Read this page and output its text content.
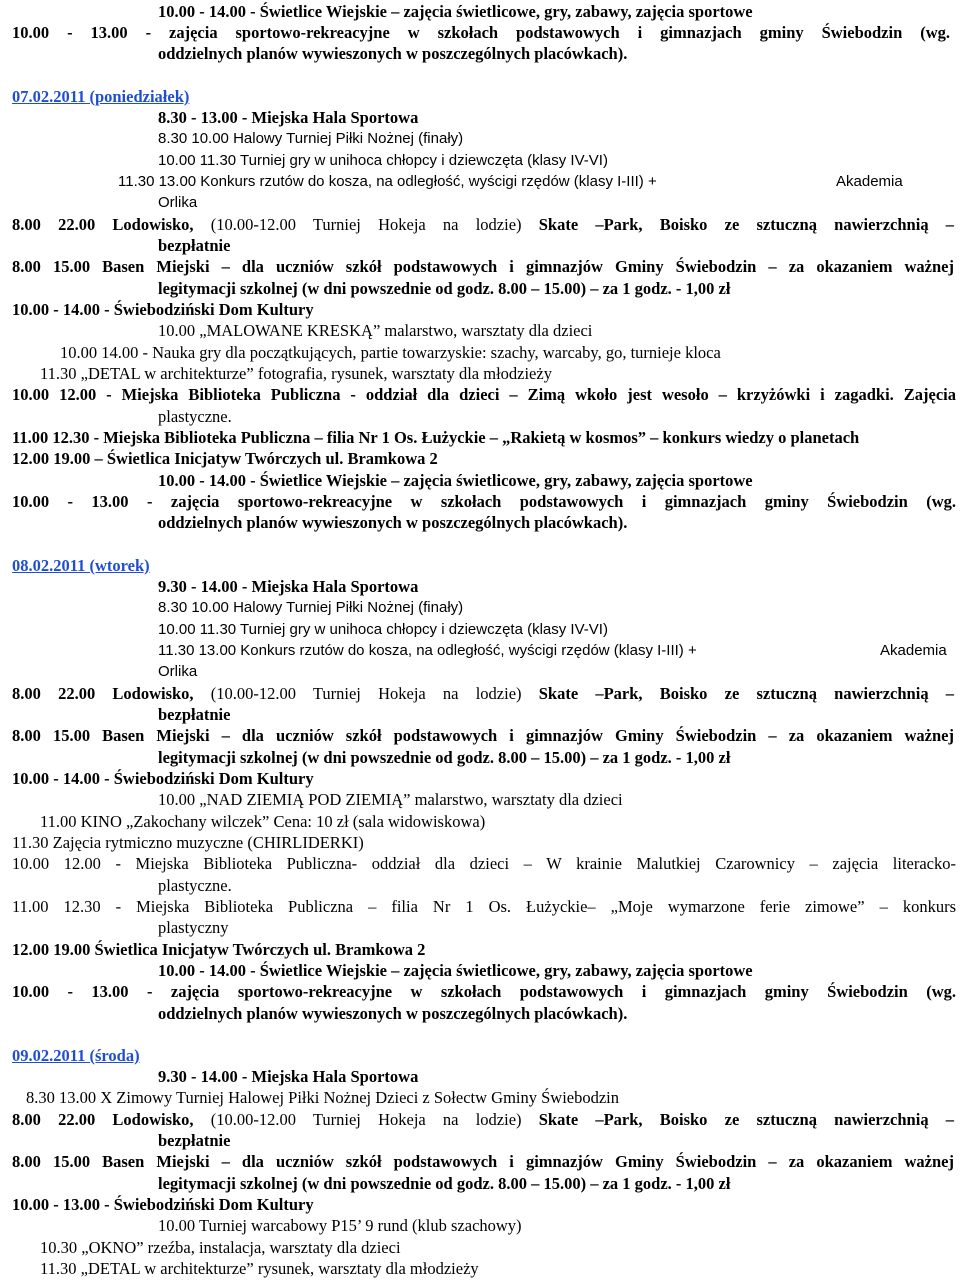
10.00 - 14.00 - Świetlice Wiejskie – zajęcia świetlicowe, gry, zabawy, zajęcia sportowe
10.00 - 13.00 - zajęcia sportowo-rekreacyjne w szkołach podstawowych i gimnazjach gminy Świebodzin (wg.
oddzielnych planów wywieszonych w poszczególnych placówkach).
07.02.2011 (poniedziałek)
8.30 - 13.00 - Miejska Hala Sportowa
8.30 10.00 Halowy Turniej Piłki Nożnej (finały)
10.00 11.30 Turniej gry w unihoca chłopcy i dziewczęta (klasy IV-VI)
11.30 13.00 Konkurs rzutów do kosza, na odległość, wyścigi rzędów (klasy I-III) +	Akademia
Orlika
8.00 22.00 Lodowisko, (10.00-12.00 Turniej Hokeja na lodzie) Skate –Park, Boisko ze sztuczną nawierzchnią –
bezpłatnie
8.00 15.00 Basen Miejski – dla uczniów szkół podstawowych i gimnazjów Gminy Świebodzin – za okazaniem ważnej
legitymacji szkolnej (w dni powszednie od godz. 8.00 – 15.00) – za 1 godz. - 1,00 zł
10.00 - 14.00 - Świebodziński Dom Kultury
10.00 „MALOWANE KRESKĄ” malarstwo, warsztaty dla dzieci
10.00 14.00 - Nauka gry dla początkujących, partie towarzyskie: szachy, warcaby, go, turnieje kloca
11.30 „DETAL w architekturze” fotografia, rysunek, warsztaty dla młodzieży
10.00 12.00 - Miejska Biblioteka Publiczna - oddział dla dzieci – Zimą wkoło jest wesoło – krzyżówki i zagadki. Zajęcia
plastyczne.
11.00 12.30 - Miejska Biblioteka Publiczna – filia Nr 1 Os. Łużyckie – „Rakietą w kosmos” – konkurs wiedzy o planetach
12.00 19.00 – Świetlica Inicjatyw Twórczych ul. Bramkowa 2
10.00 - 14.00 - Świetlice Wiejskie – zajęcia świetlicowe, gry, zabawy, zajęcia sportowe
10.00 - 13.00 - zajęcia sportowo-rekreacyjne w szkołach podstawowych i gimnazjach gminy Świebodzin (wg.
oddzielnych planów wywieszonych w poszczególnych placówkach).
08.02.2011 (wtorek)
9.30 - 14.00 - Miejska Hala Sportowa
8.30 10.00 Halowy Turniej Piłki Nożnej (finały)
10.00 11.30 Turniej gry w unihoca chłopcy i dziewczęta (klasy IV-VI)
11.30 13.00 Konkurs rzutów do kosza, na odległość, wyścigi rzędów (klasy I-III) +	Akademia
Orlika
8.00 22.00 Lodowisko, (10.00-12.00 Turniej Hokeja na lodzie) Skate –Park, Boisko ze sztuczną nawierzchnią –
bezpłatnie
8.00 15.00 Basen Miejski – dla uczniów szkół podstawowych i gimnazjów Gminy Świebodzin – za okazaniem ważnej
legitymacji szkolnej (w dni powszednie od godz. 8.00 – 15.00) – za 1 godz. - 1,00 zł
10.00 - 14.00 - Świebodziński Dom Kultury
10.00 „NAD ZIEMIĄ POD ZIEMIĄ” malarstwo, warsztaty dla dzieci
11.00 KINO „Zakochany wilczek” Cena: 10 zł (sala widowiskowa)
11.30 Zajęcia rytmiczno muzyczne (CHIRLIDERKI)
10.00 12.00 - Miejska Biblioteka Publiczna- oddział dla dzieci – W krainie Malutkiej Czarownicy – zajęcia literacko-
plastyczne.
11.00 12.30 - Miejska Biblioteka Publiczna – filia Nr 1 Os. Łużyckie– „Moje wymarzone ferie zimowe” – konkurs
plastyczny
12.00 19.00 Świetlica Inicjatyw Twórczych ul. Bramkowa 2
10.00 - 14.00 - Świetlice Wiejskie – zajęcia świetlicowe, gry, zabawy, zajęcia sportowe
10.00 - 13.00 - zajęcia sportowo-rekreacyjne w szkołach podstawowych i gimnazjach gminy Świebodzin (wg.
oddzielnych planów wywieszonych w poszczególnych placówkach).
09.02.2011 (środa)
9.30 - 14.00 - Miejska Hala Sportowa
8.30 13.00 X Zimowy Turniej Halowej Piłki Nożnej Dzieci z Sołectw Gminy Świebodzin
8.00 22.00 Lodowisko, (10.00-12.00 Turniej Hokeja na lodzie) Skate –Park, Boisko ze sztuczną nawierzchnią –
bezpłatnie
8.00 15.00 Basen Miejski – dla uczniów szkół podstawowych i gimnazjów Gminy Świebodzin – za okazaniem ważnej
legitymacji szkolnej (w dni powszednie od godz. 8.00 – 15.00) – za 1 godz. - 1,00 zł
10.00 - 13.00 - Świebodziński Dom Kultury
10.00 Turniej warcabowy P15’ 9 rund (klub szachowy)
10.30 „OKNO” rzeźba, instalacja, warsztaty dla dzieci
11.30 „DETAL w architekturze” rysunek, warsztaty dla młodzieży
